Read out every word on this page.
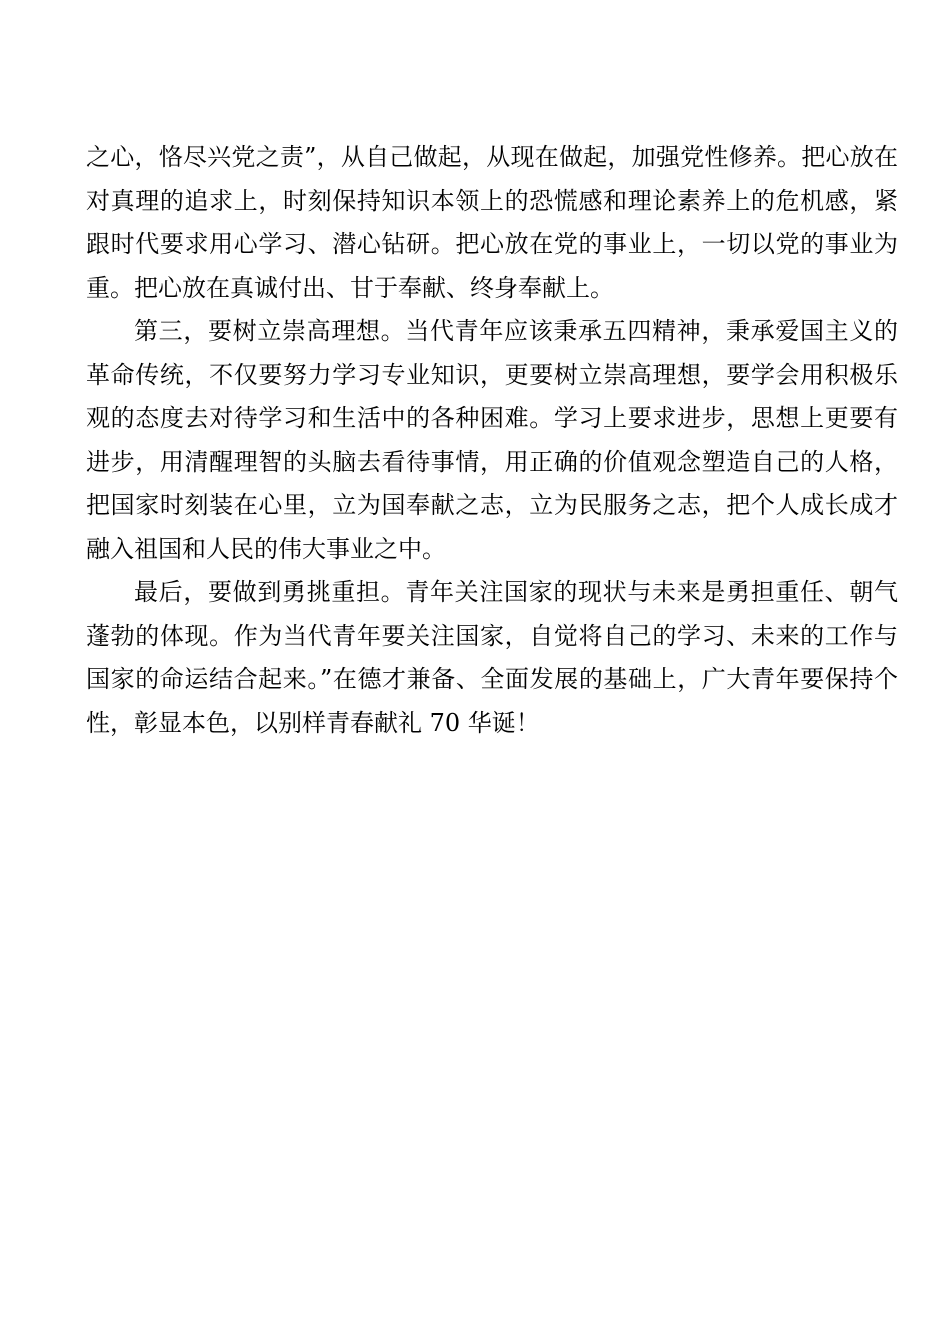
之心，恪尽兴党之责”，从自己做起，从现在做起，加强党性修养。把心放在对真理的追求上，时刻保持知识本领上的恐慌感和理论素养上的危机感，紧跟时代要求用心学习、潜心钻研。把心放在党的事业上，一切以党的事业为重。把心放在真诚付出、甘于奉献、终身奉献上。

第三，要树立崇高理想。当代青年应该秉承五四精神，秉承爱国主义的革命传统，不仅要努力学习专业知识，更要树立崇高理想，要学会用积极乐观的态度去对待学习和生活中的各种困难。学习上要求进步，思想上更要有进步，用清醒理智的头脑去看待事情，用正确的价值观念塑造自己的人格，把国家时刻装在心里，立为国奉献之志，立为民服务之志，把个人成长成才融入祖国和人民的伟大事业之中。

最后，要做到勇挑重担。青年关注国家的现状与未来是勇担重任、朝气蓬勃的体现。作为当代青年要关注国家，自觉将自己的学习、未来的工作与国家的命运结合起来。”在德才兼备、全面发展的基础上，广大青年要保持个性，彰显本色，以别样青春献礼 70 华诞！
